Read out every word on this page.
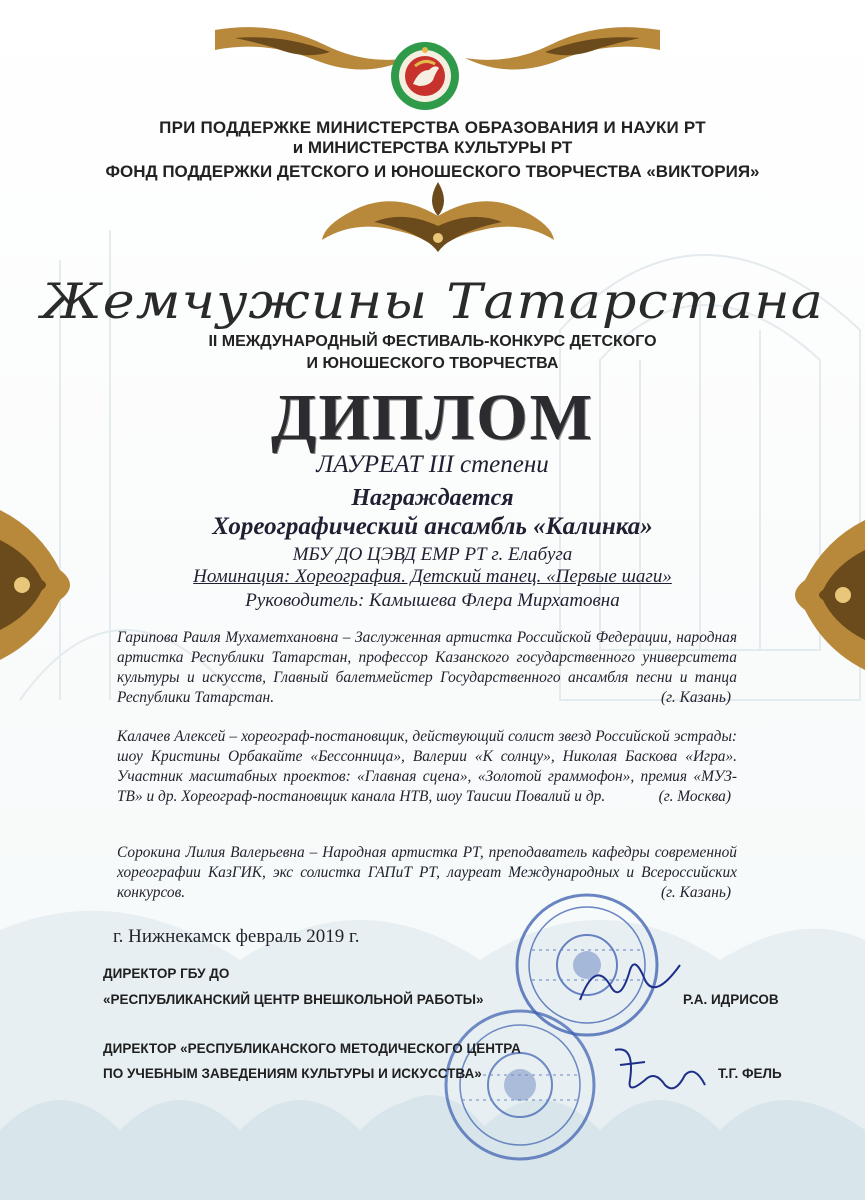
ПРИ ПОДДЕРЖКЕ МИНИСТЕРСТВА ОБРАЗОВАНИЯ И НАУКИ РТ
и МИНИСТЕРСТВА КУЛЬТУРЫ РТ
ФОНД ПОДДЕРЖКИ ДЕТСКОГО И ЮНОШЕСКОГО ТВОРЧЕСТВА «ВИКТОРИЯ»
Жемчужины Татарстана
II МЕЖДУНАРОДНЫЙ ФЕСТИВАЛЬ-КОНКУРС ДЕТСКОГО
И ЮНОШЕСКОГО ТВОРЧЕСТВА
ДИПЛОМ
ЛАУРЕАТ III степени
Награждается
Хореографический ансамбль «Калинка»
МБУ ДО ЦЭВД ЕМР РТ г. Елабуга
Номинация: Хореография. Детский танец. «Первые шаги»
Руководитель: Камышева Флера Мирхатовна
Гарипова Раиля Мухаметхановна – Заслуженная артистка Российской Федерации, народная артистка Республики Татарстан, профессор Казанского государственного университета культуры и искусств, Главный балетмейстер Государственного ансамбля песни и танца Республики Татарстан.	(г. Казань)
Калачев Алексей – хореограф-постановщик, действующий солист звезд Российской эстрады: шоу Кристины Орбакайте «Бессонница», Валерии «К солнцу», Николая Баскова «Игра». Участник масштабных проектов: «Главная сцена», «Золотой граммофон», премия «МУЗ-ТВ» и др. Хореограф-постановщик канала НТВ, шоу Таисии Повалий и др.	(г. Москва)
Сорокина Лилия Валерьевна – Народная артистка РТ, преподаватель кафедры современной хореографии КазГИК, экс солистка ГАПиТ РТ, лауреат Международных и Всероссийских конкурсов.	(г. Казань)
г. Нижнекамск февраль 2019 г.
ДИРЕКТОР ГБУ ДО
«РЕСПУБЛИКАНСКИЙ ЦЕНТР ВНЕШКОЛЬНОЙ РАБОТЫ»	Р.А. ИДРИСОВ
ДИРЕКТОР «РЕСПУБЛИКАНСКОГО МЕТОДИЧЕСКОГО ЦЕНТРА
ПО УЧЕБНЫМ ЗАВЕДЕНИЯМ КУЛЬТУРЫ И ИСКУССТВА»	Т.Г. ФЕЛЬ
